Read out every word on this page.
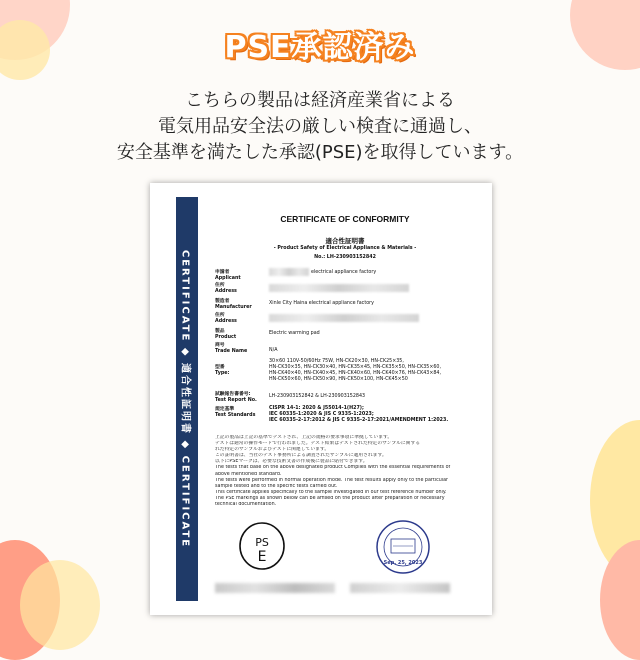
PSE承認済み
こちらの製品は経済産業省による
電気用品安全法の厳しい検査に通過し、
安全基準を満たした承認(PSE)を取得しています。
CERTIFICATE ◆ 適合性証明書 ◆ CERTIFICATE
CERTIFICATE OF CONFORMITY
適合性証明書
- Product Safety of Electrical Appliance & Materials -
No.: LH-230903152842
申請者
Applicant
住所
Address
製造者
Manufacturer
住所
Address
製品
Product
商号
Trade Name
型番
Type:
試験報告書番号:
Test Report No.
規定基準
Test Standards
electrical appliance factory
Xinle City Haina electrical appliance factory
Electric warming pad
N/A
30×60 110V-50/60Hz 75W, HN-CK20×30, HN-CK25×35,
HN-CK30×35, HN-CK30×40, HN-CK35×45, HN-CK35×50, HN-CK35×60,
HN-CK40×40, HN-CK40×45, HN-CK40×60, HN-CK40×76, HN-CK43×84,
HN-CK50×60, HN-CK50×90, HN-CK50×100, HN-CK45×50
LH-230903152842 & LH-230903152843
CISPR 14-1: 2020 & J55014-1(H27);
IEC 60335-1:2020 & JIS C 9335-1:2023;
IEC 60335-2-17:2012 & JIS C 9335-2-17:2021/AMENDMENT 1:2023.
上記の製品は上記の基準でテストされ、上記の規格の要求事項に準拠しています。
テストは通常の操作モードで行われました。テスト結果はテストされた特定のサンプルに関する
れた特定のサンプルおよびテストに関連しています。
この証明書は、当社のテスト事務所による調査されたサンプルに適用されます。
以下にPSEマークは、必要な技術文書の作成後に製品に貼付できます。
The tests that base on the above designated product Complies with the essential requirements of
above mentioned standard.
The tests were performed in normal operation mode. The test results apply only to the particular
sample tested and to the specific tests carried out.
This certificate applies specifically to the sample investigated in our test reference number only.
The PSE markings as shown below can be affixed on the product after preparation of necessary
technical documentation.
PS
E	Sep. 25, 2023
